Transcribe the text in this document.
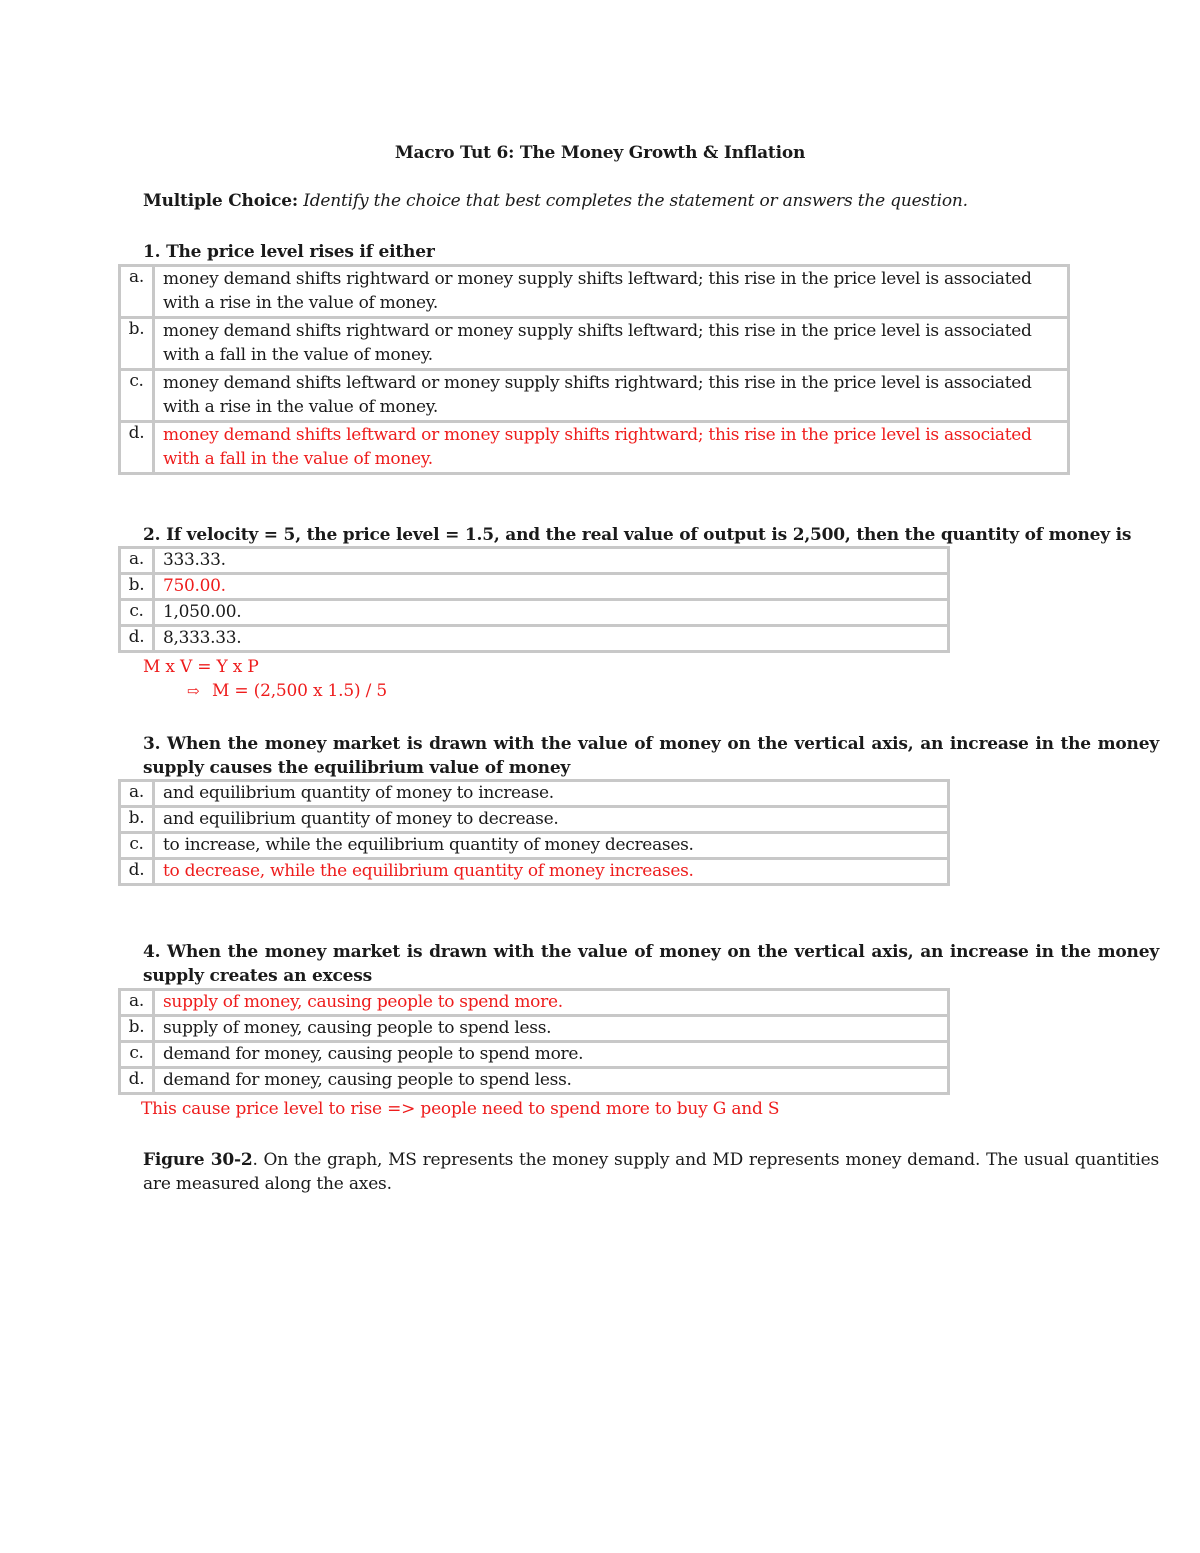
Macro Tut 6: The Money Growth & Inflation
Multiple Choice: Identify the choice that best completes the statement or answers the question.
1. The price level rises if either
a.	money demand shifts rightward or money supply shifts leftward; this rise in the price level is associated with a rise in the value of money.
b.	money demand shifts rightward or money supply shifts leftward; this rise in the price level is associated with a fall in the value of money.
c.	money demand shifts leftward or money supply shifts rightward; this rise in the price level is associated with a rise in the value of money.
d.	money demand shifts leftward or money supply shifts rightward; this rise in the price level is associated with a fall in the value of money.
2. If velocity = 5, the price level = 1.5, and the real value of output is 2,500, then the quantity of money is
a.	333.33.
b.	750.00.
c.	1,050.00.
d.	8,333.33.
M x V = Y x P
⇨ M = (2,500 x 1.5) / 5
3. When the money market is drawn with the value of money on the vertical axis, an increase in the money supply causes the equilibrium value of money
a.	and equilibrium quantity of money to increase.
b.	and equilibrium quantity of money to decrease.
c.	to increase, while the equilibrium quantity of money decreases.
d.	to decrease, while the equilibrium quantity of money increases.
4. When the money market is drawn with the value of money on the vertical axis, an increase in the money supply creates an excess
a.	supply of money, causing people to spend more.
b.	supply of money, causing people to spend less.
c.	demand for money, causing people to spend more.
d.	demand for money, causing people to spend less.
This cause price level to rise => people need to spend more to buy G and S
Figure 30-2. On the graph, MS represents the money supply and MD represents money demand. The usual quantities are measured along the axes.
